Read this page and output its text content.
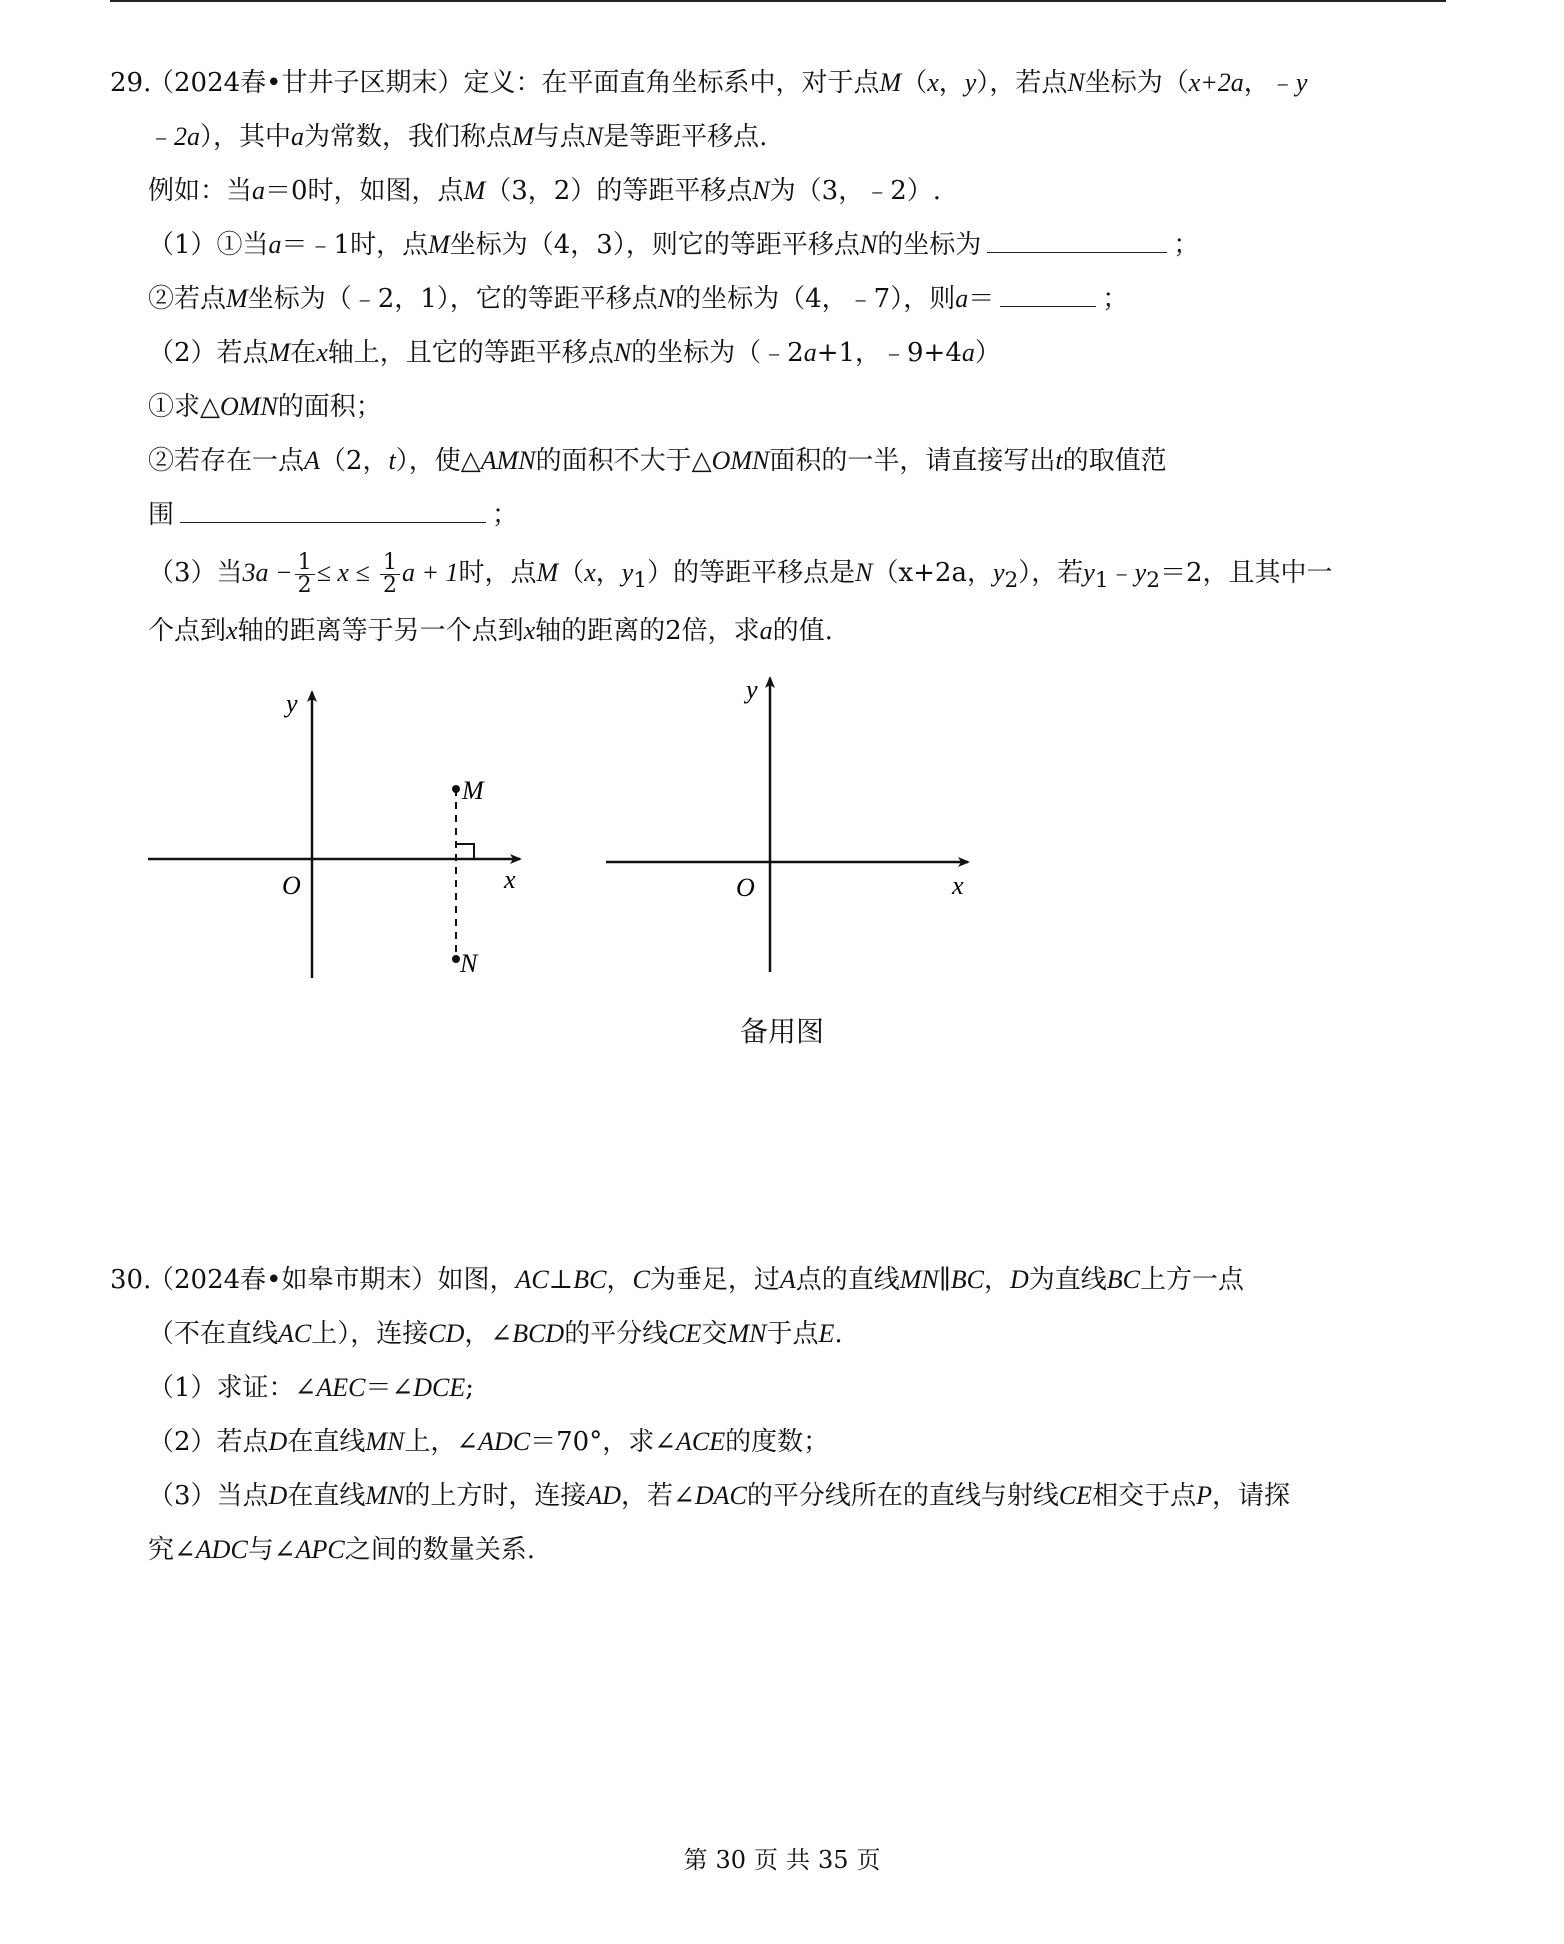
29.（2024春•甘井子区期末）定义：在平面直角坐标系中，对于点M（x，y），若点N坐标为（x+2a，﹣y
﹣2a），其中a为常数，我们称点M与点N是等距平移点.
例如：当a＝0时，如图，点M（3，2）的等距平移点N为（3，﹣2）.
（1）①当a＝﹣1时，点M坐标为（4，3），则它的等距平移点N的坐标为	；
②若点M坐标为（﹣2，1），它的等距平移点N的坐标为（4，﹣7），则a＝	；
（2）若点M在x轴上，且它的等距平移点N的坐标为（﹣2a+1，﹣9+4a）
①求△OMN的面积；
②若存在一点A（2，t），使△AMN的面积不大于△OMN面积的一半，请直接写出t的取值范
围	；
（3）当$3a - \frac{1}{2} \le x \le \frac{1}{2}$ a + 1时，点M（x，$y_1$）的等距平移点是N（x+2a，$y_2$），若$y_1﹣y_2=2$，且其中一
个点到x轴的距离等于另一个点到x轴的距离的2倍，求a的值.
y
x
O
M
N
y
x
O
备用图
30.（2024春•如皋市期末）如图，AC⊥BC，C为垂足，过A点的直线MN∥BC，D为直线BC上方一点
（不在直线AC上），连接CD，∠BCD的平分线CE交MN于点E.
（1）求证：∠AEC＝∠DCE;
（2）若点D在直线MN上，∠ADC＝70°，求∠ACE的度数；
（3）当点D在直线MN的上方时，连接AD，若∠DAC的平分线所在的直线与射线CE相交于点P，请探
究∠ADC与∠APC之间的数量关系.
第 30 页 共 35 页
